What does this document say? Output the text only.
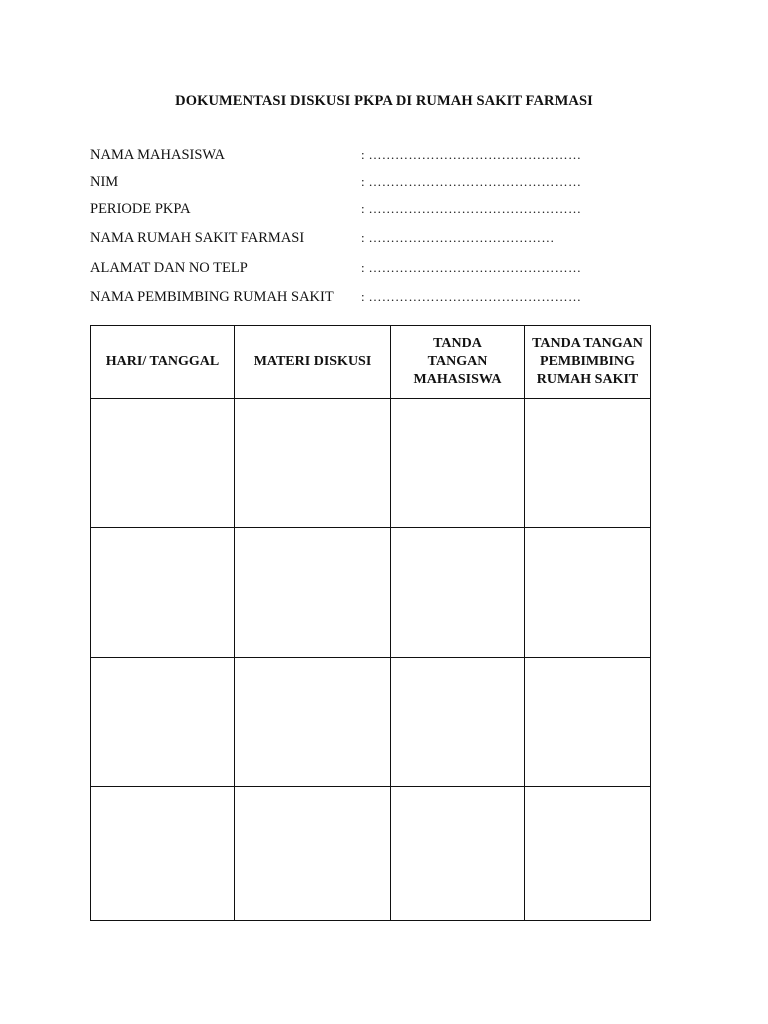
DOKUMENTASI DISKUSI PKPA DI RUMAH SAKIT FARMASI
NAMA MAHASISWA	: …………………………………………
NIM	: …………………………………………
PERIODE PKPA	: …………………………………………
NAMA RUMAH SAKIT FARMASI	: ……………………………………
ALAMAT DAN NO TELP	: …………………………………………
NAMA PEMBIMBING RUMAH SAKIT : …………………………………………
HARI/ TANGGAL	MATERI DISKUSI	TANDA TANGAN MAHASISWA	TANDA TANGAN PEMBIMBING RUMAH SAKIT
